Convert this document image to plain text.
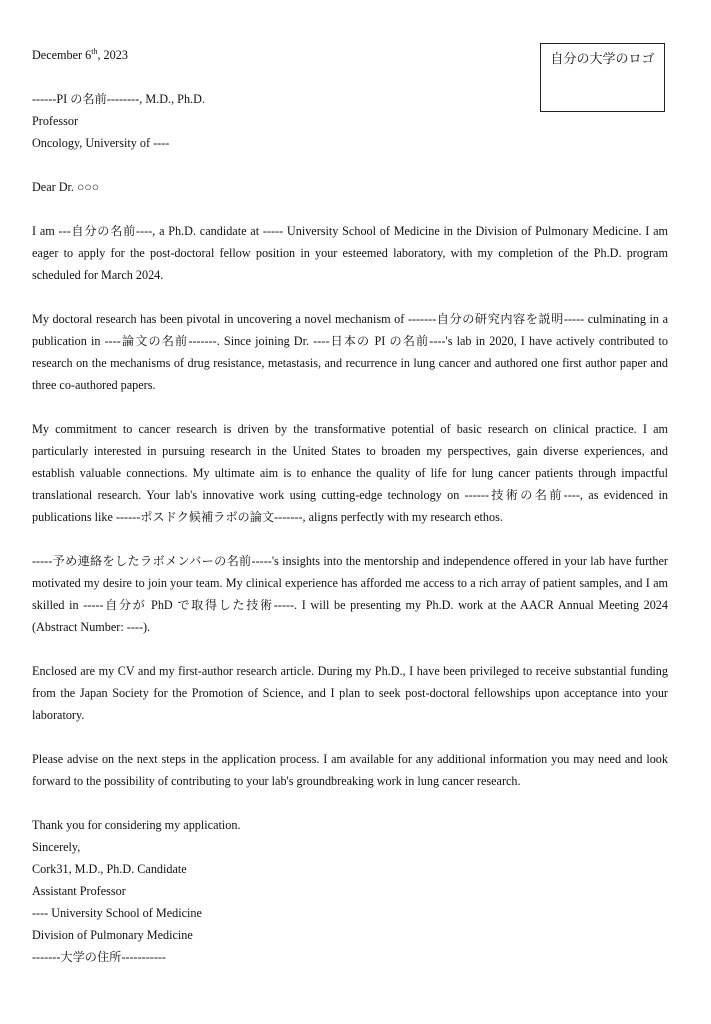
自分の大学のロゴ
December 6th, 2023
------PI の名前--------, M.D., Ph.D.
Professor
Oncology, University of ----
Dear Dr. ○○○

I am ---自分の名前----, a Ph.D. candidate at ----- University School of Medicine in the Division of Pulmonary Medicine. I am eager to apply for the post-doctoral fellow position in your esteemed laboratory, with my completion of the Ph.D. program scheduled for March 2024.

My doctoral research has been pivotal in uncovering a novel mechanism of -------自分の研究内容を説明----- culminating in a publication in ----論文の名前-------. Since joining Dr. ----日本の PI の名前----'s lab in 2020, I have actively contributed to research on the mechanisms of drug resistance, metastasis, and recurrence in lung cancer and authored one first author paper and three co-authored papers.

My commitment to cancer research is driven by the transformative potential of basic research on clinical practice. I am particularly interested in pursuing research in the United States to broaden my perspectives, gain diverse experiences, and establish valuable connections. My ultimate aim is to enhance the quality of life for lung cancer patients through impactful translational research. Your lab's innovative work using cutting-edge technology on ------技術の名前----, as evidenced in publications like ------ポスドク候補ラボの論文-------, aligns perfectly with my research ethos.

-----予め連絡をしたラボメンバーの名前-----'s insights into the mentorship and independence offered in your lab have further motivated my desire to join your team. My clinical experience has afforded me access to a rich array of patient samples, and I am skilled in -----自分が PhD で取得した技術-----. I will be presenting my Ph.D. work at the AACR Annual Meeting 2024 (Abstract Number: ----).

Enclosed are my CV and my first-author research article. During my Ph.D., I have been privileged to receive substantial funding from the Japan Society for the Promotion of Science, and I plan to seek post-doctoral fellowships upon acceptance into your laboratory.

Please advise on the next steps in the application process. I am available for any additional information you may need and look forward to the possibility of contributing to your lab's groundbreaking work in lung cancer research.

Thank you for considering my application.
Sincerely,
Cork31, M.D., Ph.D. Candidate
Assistant Professor
---- University School of Medicine
Division of Pulmonary Medicine
-------大学の住所-----------
